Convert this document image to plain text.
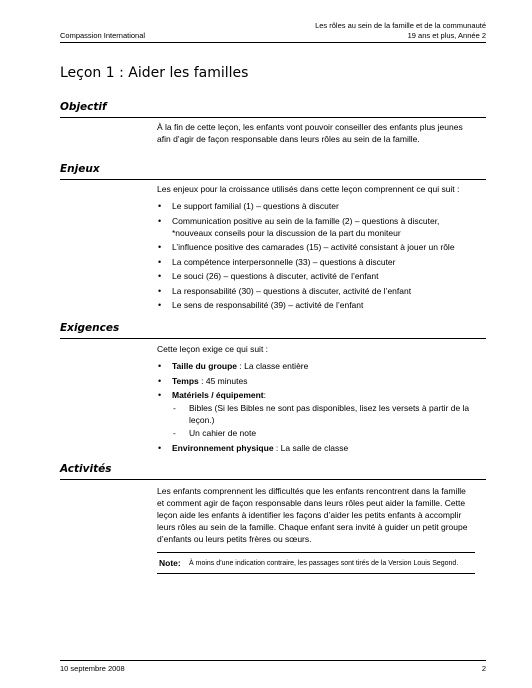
Compassion International
Les rôles au sein de la famille et de la communauté
19 ans et plus, Année 2
Leçon 1 : Aider les familles
Objectif
À la fin de cette leçon, les enfants vont pouvoir conseiller des enfants plus jeunes afin d’agir de façon responsable dans leurs rôles au sein de la famille.
Enjeux

Les enjeux pour la croissance utilisés dans cette leçon comprennent ce qui suit :

• Le support familial (1) – questions à discuter
• Communication positive au sein de la famille (2) – questions à discuter, *nouveaux conseils pour la discussion de la part du moniteur
• L’influence positive des camarades (15) – activité consistant à jouer un rôle
• La compétence interpersonnelle (33) – questions à discuter
• Le souci (26) – questions à discuter, activité de l’enfant
• La responsabilité (30) – questions à discuter, activité de l’enfant
• Le sens de responsabilité (39) – activité de l’enfant
Exigences

Cette leçon exige ce qui suit :

• Taille du groupe : La classe entière
• Temps : 45 minutes
• Matériels / équipement:
- Bibles (Si les Bibles ne sont pas disponibles, lisez les versets à partir de la leçon.)
- Un cahier de note
• Environnement physique : La salle de classe
Activités
Les enfants comprennent les difficultés que les enfants rencontrent dans la famille et comment agir de façon responsable dans leurs rôles peut aider la famille. Cette leçon aide les enfants à identifier les façons d’aider les petits enfants à accomplir leurs rôles au sein de la famille. Chaque enfant sera invité à guider un petit groupe d’enfants ou leurs petits frères ou sœurs.
Note:	À moins d’une indication contraire, les passages sont tirés de la Version Louis Segond.
10 septembre 2008	2
